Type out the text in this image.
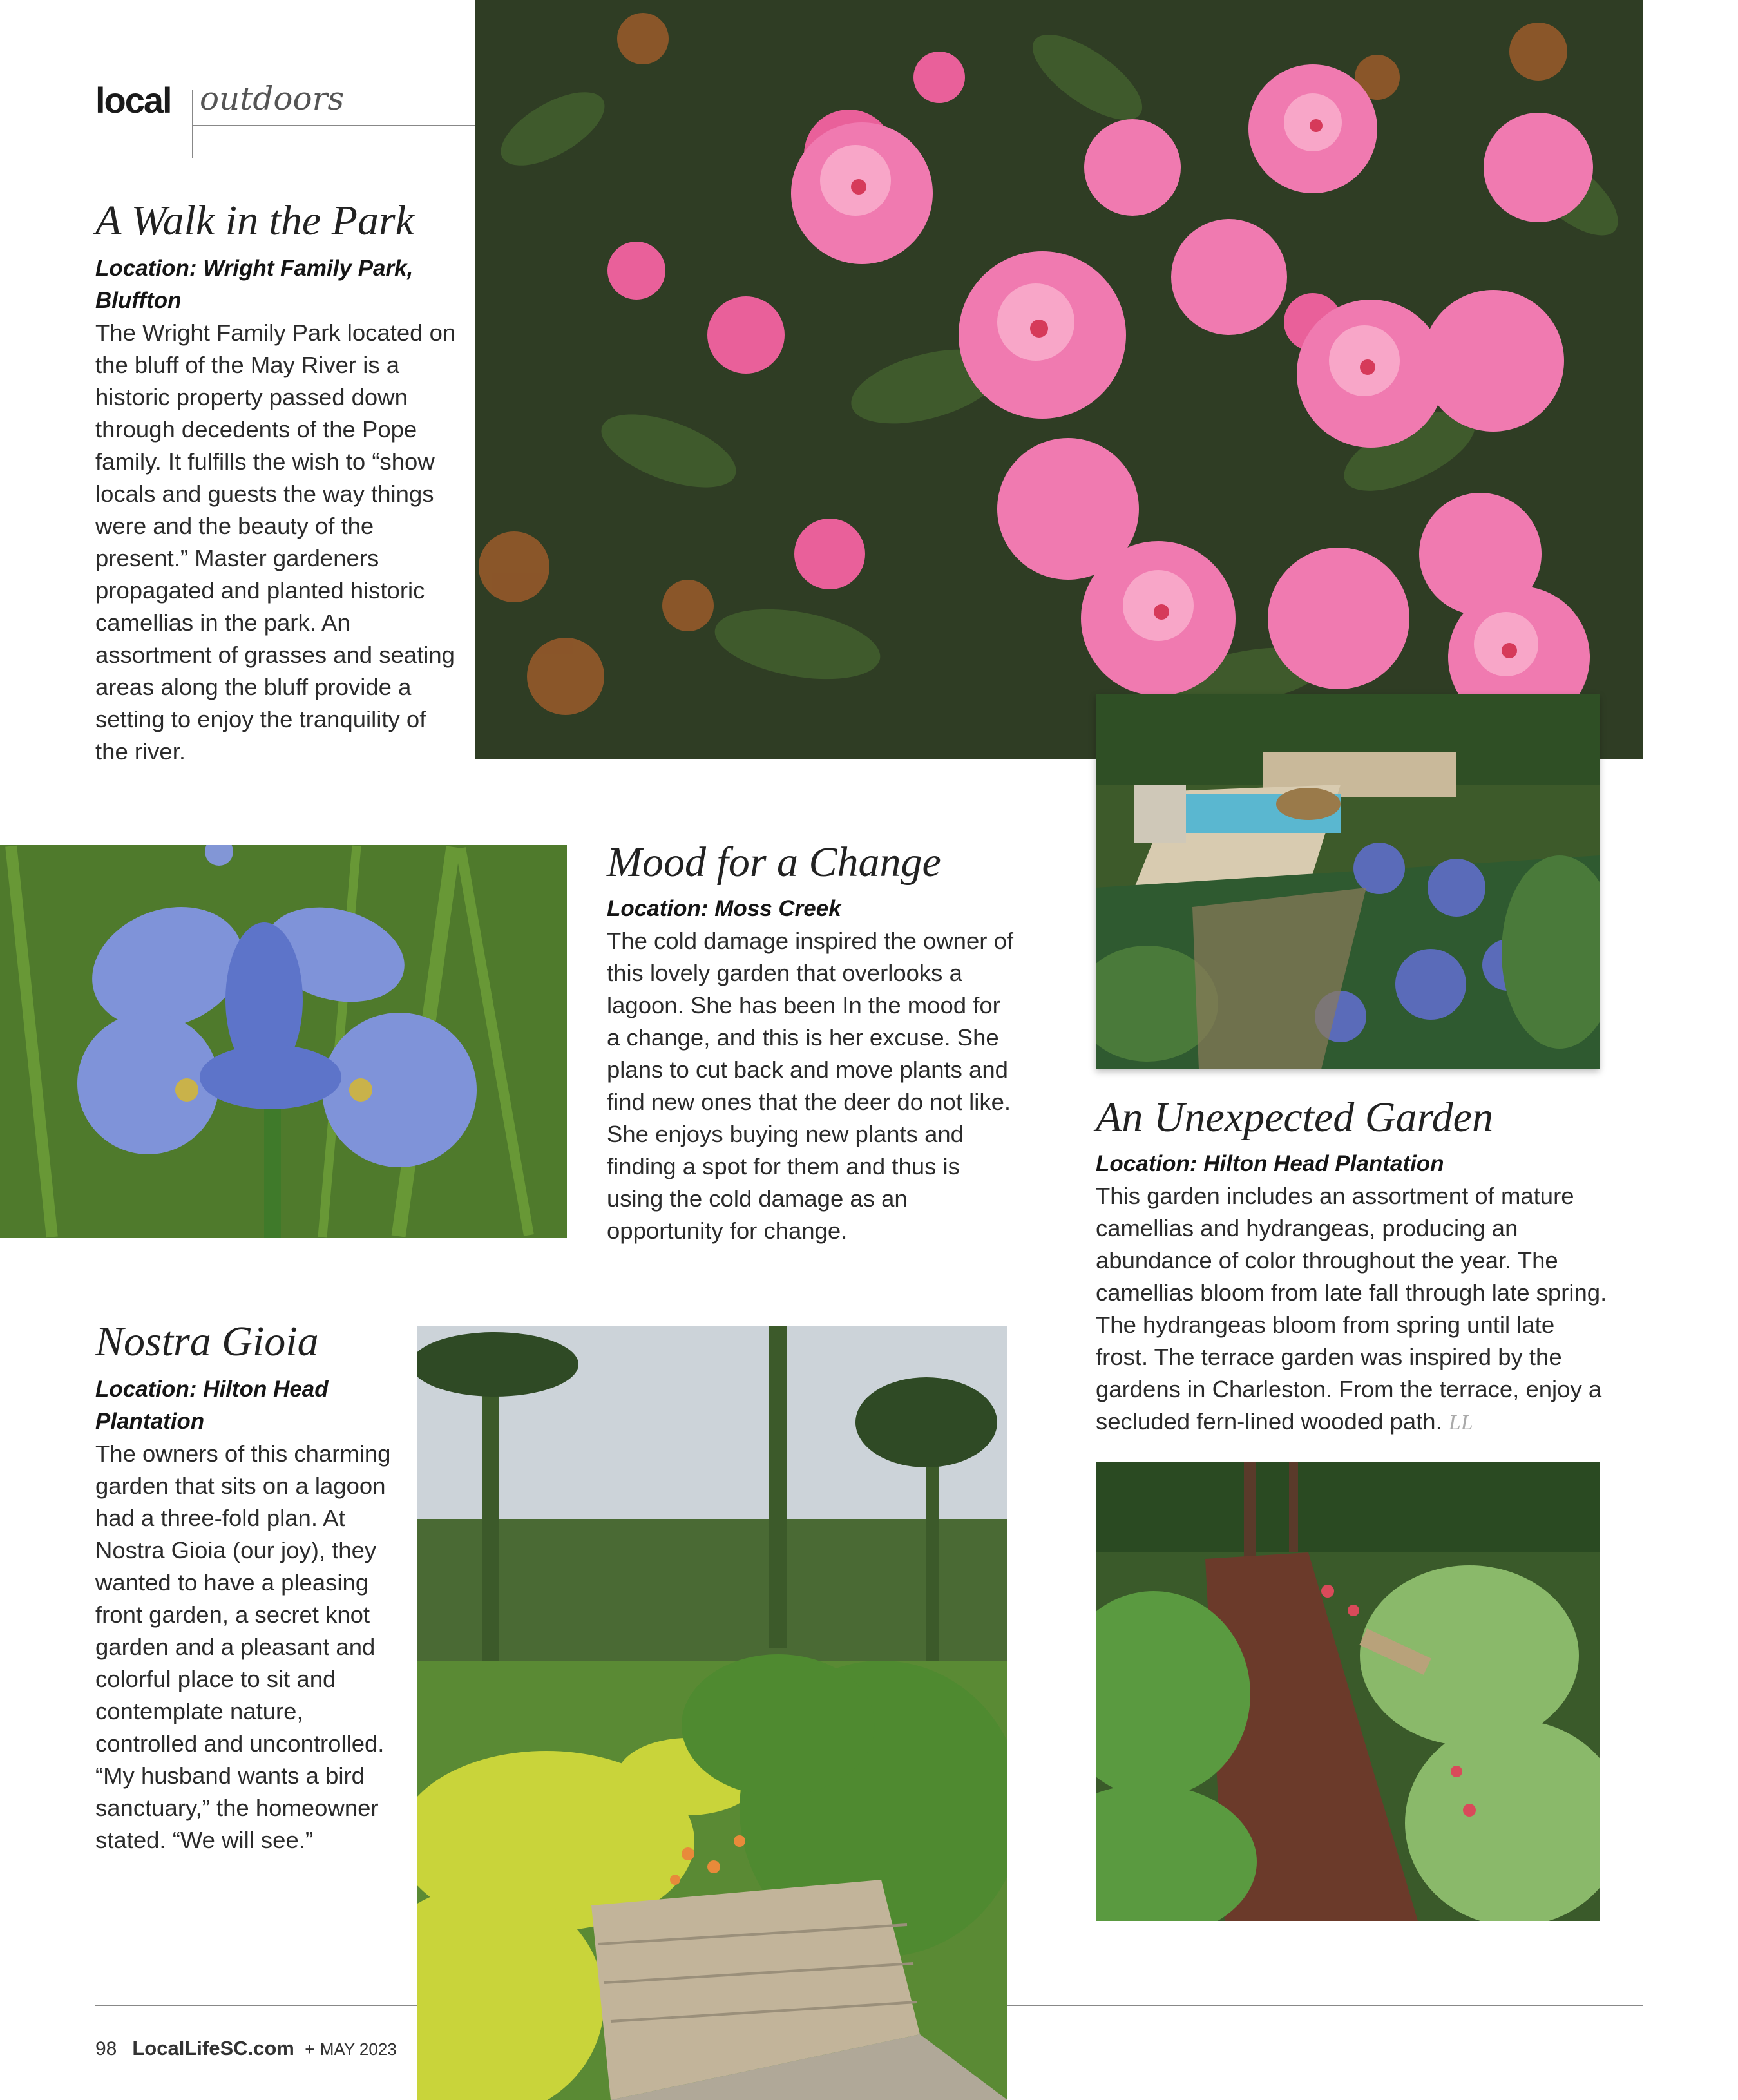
local outdoors
A Walk in the Park
Location: Wright Family Park, Bluffton
The Wright Family Park located on the bluff of the May River is a historic property passed down through decedents of the Pope family. It fulfills the wish to “show locals and guests the way things were and the beauty of the present.” Master gardeners propagated and planted historic camellias in the park. An assortment of grasses and seating areas along the bluff provide a setting to enjoy the tranquility of the river.
Mood for a Change
Location: Moss Creek
The cold damage inspired the owner of this lovely garden that overlooks a lagoon. She has been In the mood for a change, and this is her excuse. She plans to cut back and move plants and find new ones that the deer do not like. She enjoys buying new plants and finding a spot for them and thus is using the cold damage as an opportunity for change.
An Unexpected Garden
Location: Hilton Head Plantation
This garden includes an assortment of mature camellias and hydrangeas, producing an abundance of color throughout the year. The camellias bloom from late fall through late spring. The hydrangeas bloom from spring until late frost. The terrace garden was inspired by the gardens in Charleston. From the terrace, enjoy a secluded fern-lined wooded path. LL
Nostra Gioia
Location: Hilton Head Plantation
The owners of this charming garden that sits on a lagoon had a three-fold plan. At Nostra Gioia (our joy), they wanted to have a pleasing front garden, a secret knot garden and a pleasant and colorful place to sit and contemplate nature, controlled and uncontrolled. “My husband wants a bird sanctuary,” the homeowner stated. “We will see.”
98 LocalLifeSC.com + MAY 2023
